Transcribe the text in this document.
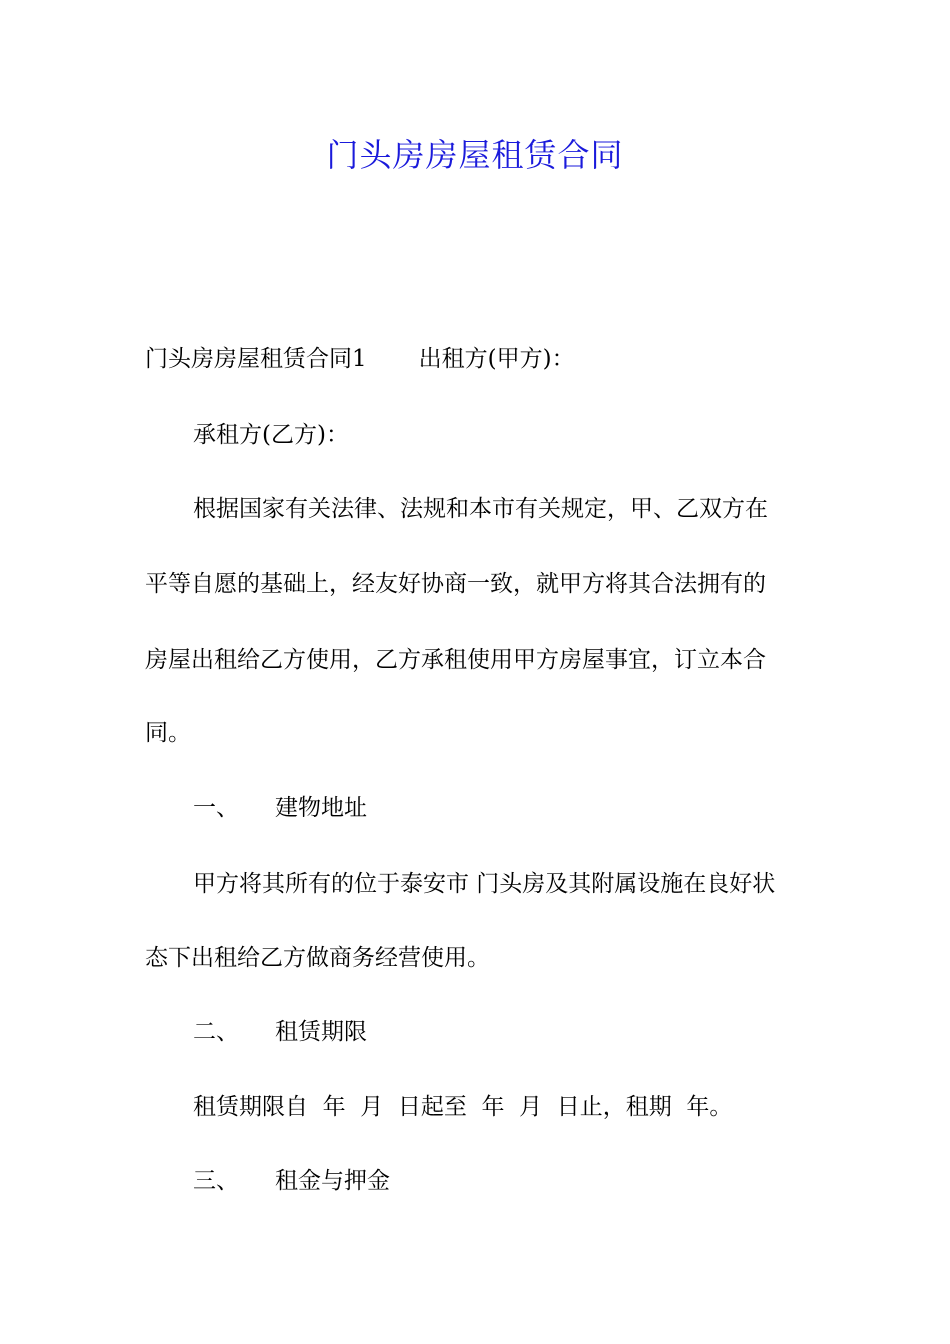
门头房房屋租赁合同
门头房房屋租赁合同1 出租方(甲方)：
承租方(乙方)：
根据国家有关法律、法规和本市有关规定，甲、乙双方在
平等自愿的基础上，经友好协商一致，就甲方将其合法拥有的
房屋出租给乙方使用，乙方承租使用甲方房屋事宜，订立本合
同。
一、 建物地址
甲方将其所有的位于泰安市 门头房及其附属设施在良好状
态下出租给乙方做商务经营使用。
二、 租赁期限
租赁期限自  年  月  日起至  年  月  日止，租期  年。
三、 租金与押金
